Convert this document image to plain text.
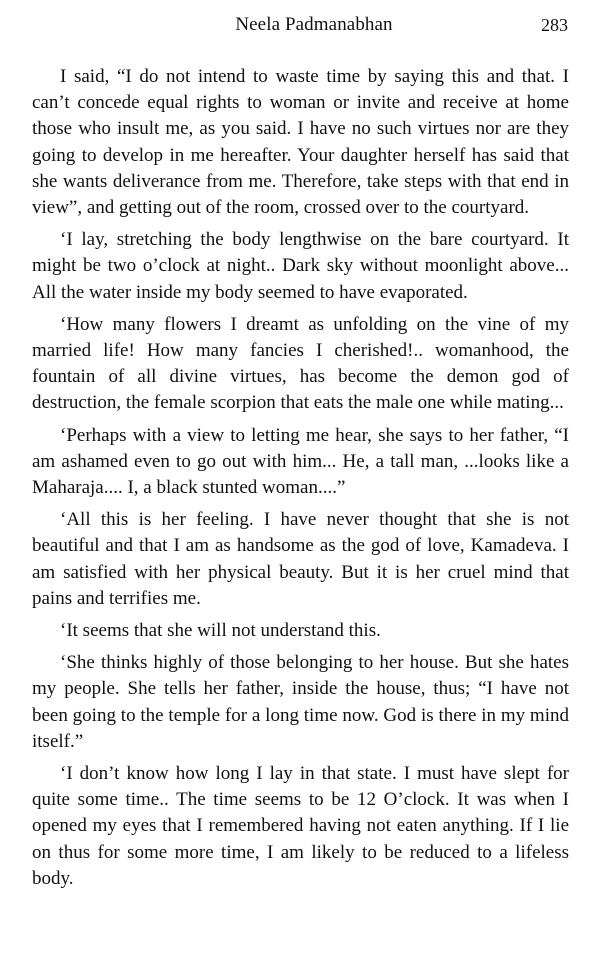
Neela Padmanabhan	283

I said, “I do not intend to waste time by saying this and that. I can’t concede equal rights to woman or invite and receive at home those who insult me, as you said. I have no such virtues nor are they going to develop in me hereafter. Your daughter herself has said that she wants deliverance from me. Therefore, take steps with that end in view”, and getting out of the room, crossed over to the courtyard.

‘I lay, stretching the body lengthwise on the bare courtyard. It might be two o’clock at night.. Dark sky without moonlight above... All the water inside my body seemed to have evaporated.

‘How many flowers I dreamt as unfolding on the vine of my married life! How many fancies I cherished!.. womanhood, the fountain of all divine virtues, has become the demon god of destruction, the female scorpion that eats the male one while mating...

‘Perhaps with a view to letting me hear, she says to her father, “I am ashamed even to go out with him... He, a tall man, ...looks like a Maharaja.... I, a black stunted woman....”

‘All this is her feeling. I have never thought that she is not beautiful and that I am as handsome as the god of love, Kamadeva. I am satisfied with her physical beauty. But it is her cruel mind that pains and terrifies me.

‘It seems that she will not understand this.

‘She thinks highly of those belonging to her house. But she hates my people. She tells her father, inside the house, thus; “I have not been going to the temple for a long time now. God is there in my mind itself.”

‘I don’t know how long I lay in that state. I must have slept for quite some time.. The time seems to be 12 O’clock. It was when I opened my eyes that I remembered having not eaten anything. If I lie on thus for some more time, I am likely to be reduced to a lifeless body.
